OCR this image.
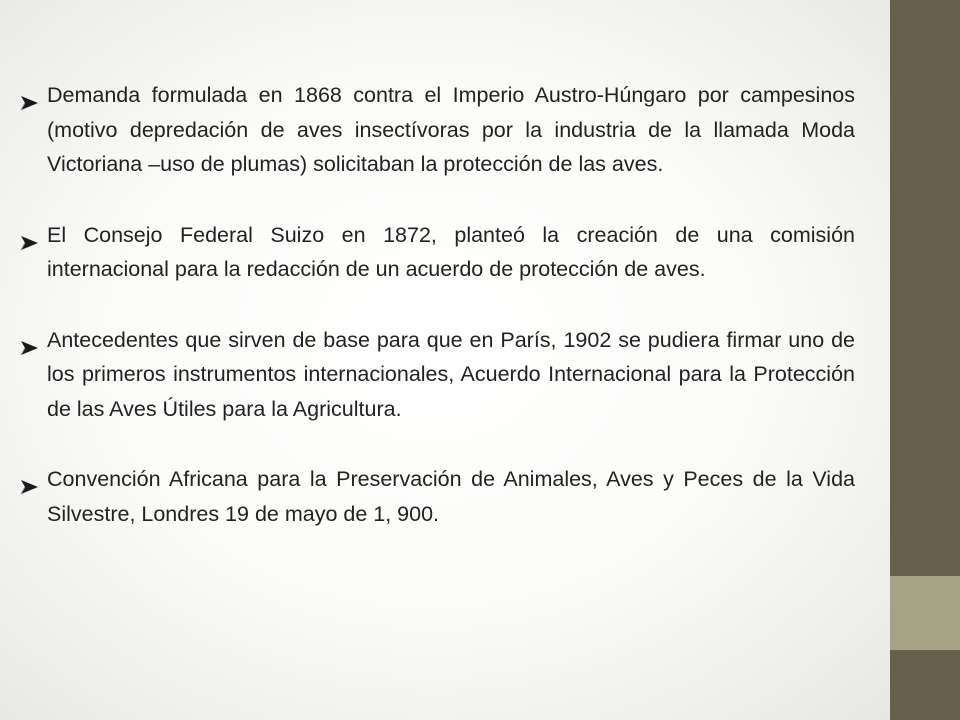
Demanda formulada en 1868 contra el Imperio Austro-Húngaro por campesinos (motivo depredación de aves insectívoras por la industria de la llamada Moda Victoriana –uso de plumas) solicitaban la protección de las aves.
El Consejo Federal Suizo en 1872, planteó la creación de una comisión internacional para la redacción de un acuerdo de protección de aves.
Antecedentes que sirven de base para que en París, 1902 se pudiera firmar uno de los primeros instrumentos internacionales, Acuerdo Internacional para la Protección de las Aves Útiles para la Agricultura.
Convención Africana para la Preservación de Animales, Aves y Peces de la Vida Silvestre, Londres 19 de mayo de 1, 900.
